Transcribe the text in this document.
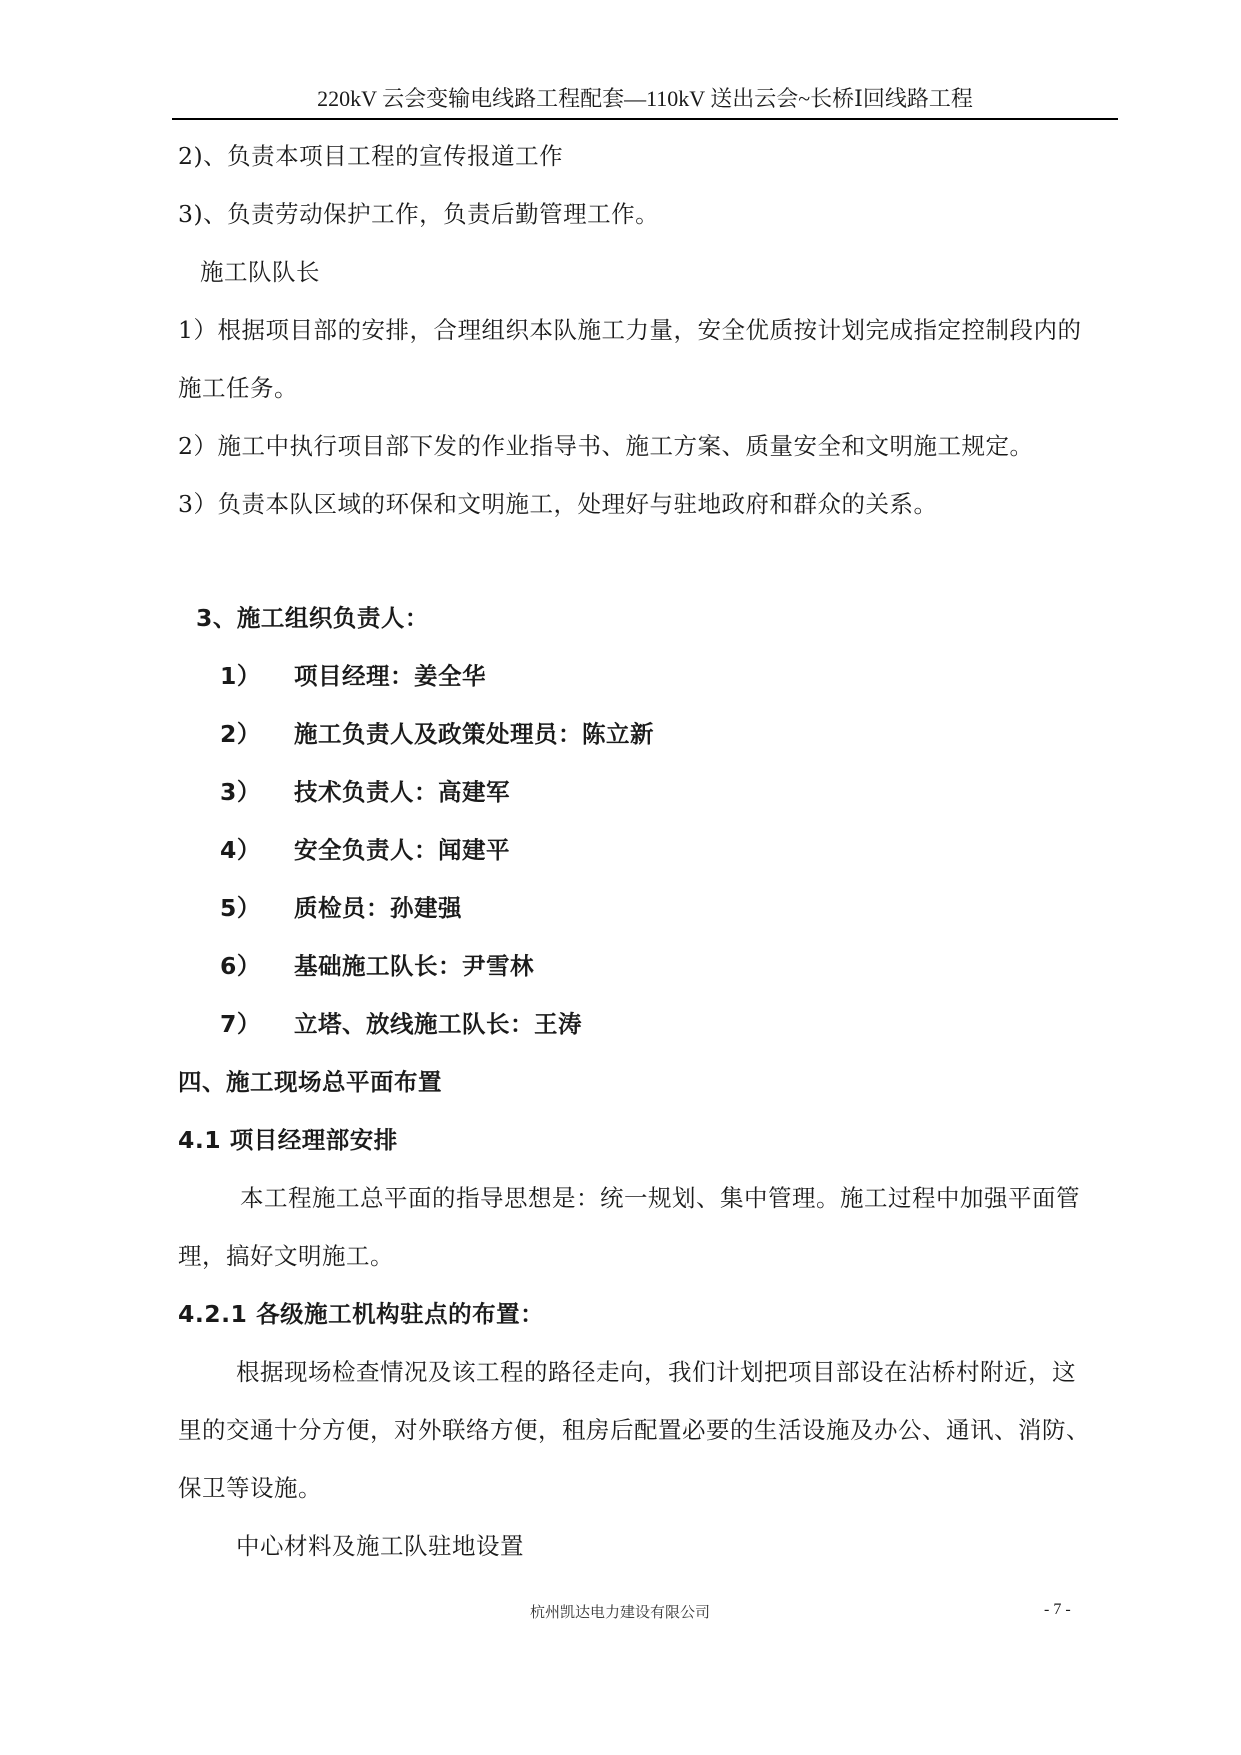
220kV 云会变输电线路工程配套—110kV 送出云会~长桥Ⅰ回线路工程
2)、负责本项目工程的宣传报道工作
3)、负责劳动保护工作，负责后勤管理工作。
施工队队长
1）根据项目部的安排，合理组织本队施工力量，安全优质按计划完成指定控制段内的
施工任务。
2）施工中执行项目部下发的作业指导书、施工方案、质量安全和文明施工规定。
3）负责本队区域的环保和文明施工，处理好与驻地政府和群众的关系。
3、施工组织负责人：
1） 项目经理：姜全华
2） 施工负责人及政策处理员：陈立新
3） 技术负责人：高建军
4） 安全负责人：闻建平
5） 质检员：孙建强
6） 基础施工队长：尹雪林
7） 立塔、放线施工队长：王涛
四、施工现场总平面布置
4.1 项目经理部安排
本工程施工总平面的指导思想是：统一规划、集中管理。施工过程中加强平面管
理，搞好文明施工。
4.2.1 各级施工机构驻点的布置：
根据现场检查情况及该工程的路径走向，我们计划把项目部设在沾桥村附近，这
里的交通十分方便，对外联络方便，租房后配置必要的生活设施及办公、通讯、消防、
保卫等设施。
中心材料及施工队驻地设置
杭州凯达电力建设有限公司	- 7 -
